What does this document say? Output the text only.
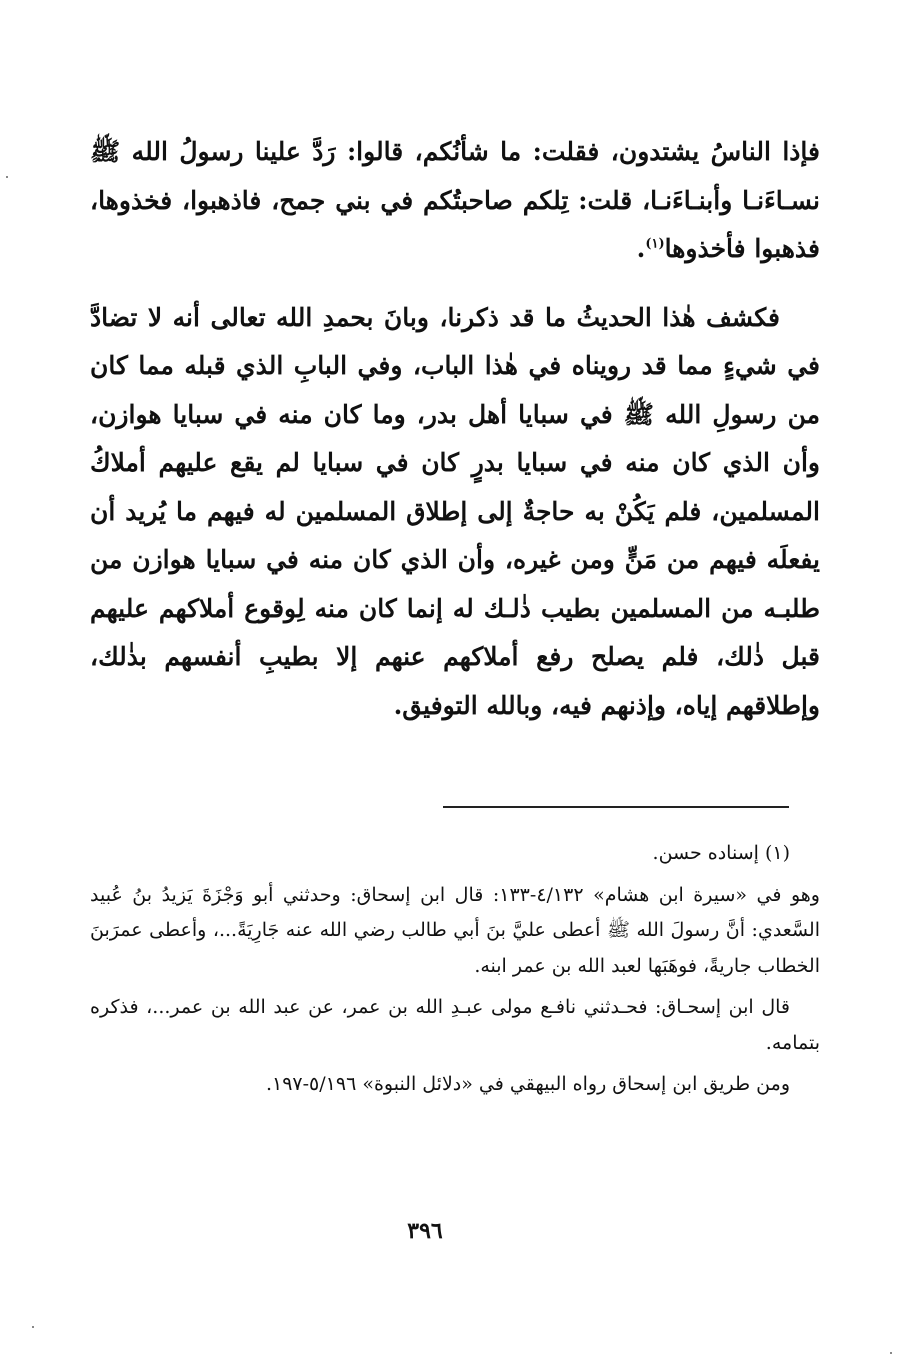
فإذا الناسُ يشتدون، فقلت: ما شأنُكم، قالوا: رَدَّ علينا رسولُ الله ﷺ نسـاءَنـا وأبنـاءَنـا، قلت: تِلكم صاحبتُكم في بني جمح، فاذهبوا، فخذوها، فذهبوا فأخذوها$^{(١)}$.

فكشف هٰذا الحديثُ ما قد ذكرنا، وبانَ بحمدِ الله تعالى أنه لا تضادَّ في شيءٍ مما قد رويناه في هٰذا الباب، وفي البابِ الذي قبله مما كان من رسولِ الله ﷺ في سبايا أهل بدر، وما كان منه في سبايا هوازن، وأن الذي كان منه في سبايا بدرٍ كان في سبايا لم يقع عليهم أملاكُ المسلمين، فلم يَكُنْ به حاجةٌ إلى إطلاق المسلمين له فيهم ما يُريد أن يفعلَه فيهم من مَنٍّ ومن غيره، وأن الذي كان منه في سبايا هوازن من طلبـه من المسلمين بطيب ذٰلـك له إنما كان منه لِوقوع أملاكهم عليهم قبل ذٰلك، فلم يصلح رفع أملاكهم عنهم إلا بطيبِ أنفسهم بذٰلك، وإطلاقهم إياه، وإذنهم فيه، وبالله التوفيق.

(١) إسناده حسن.

وهو في «سيرة ابن هشام» ٤/١٣٢-١٣٣: قال ابن إسحاق: وحدثني أبو وَجْزَةَ يَزيدُ بنُ عُبيد السَّعدي: أنَّ رسولَ الله ﷺ أعطى عليَّ بنَ أبي طالب رضي الله عنه جَارِيَةً...، وأعطى عمرَبنَ الخطاب جاريةً، فوهَبَها لعبد الله بن عمر ابنه.

قال ابن إسحـاق: فحـدثني نافـع مولى عبـدِ الله بن عمر، عن عبد الله بن عمر...، فذكره بتمامه.

ومن طريق ابن إسحاق رواه البيهقي في «دلائل النبوة» ٥/١٩٦-١٩٧.

٣٩٦
